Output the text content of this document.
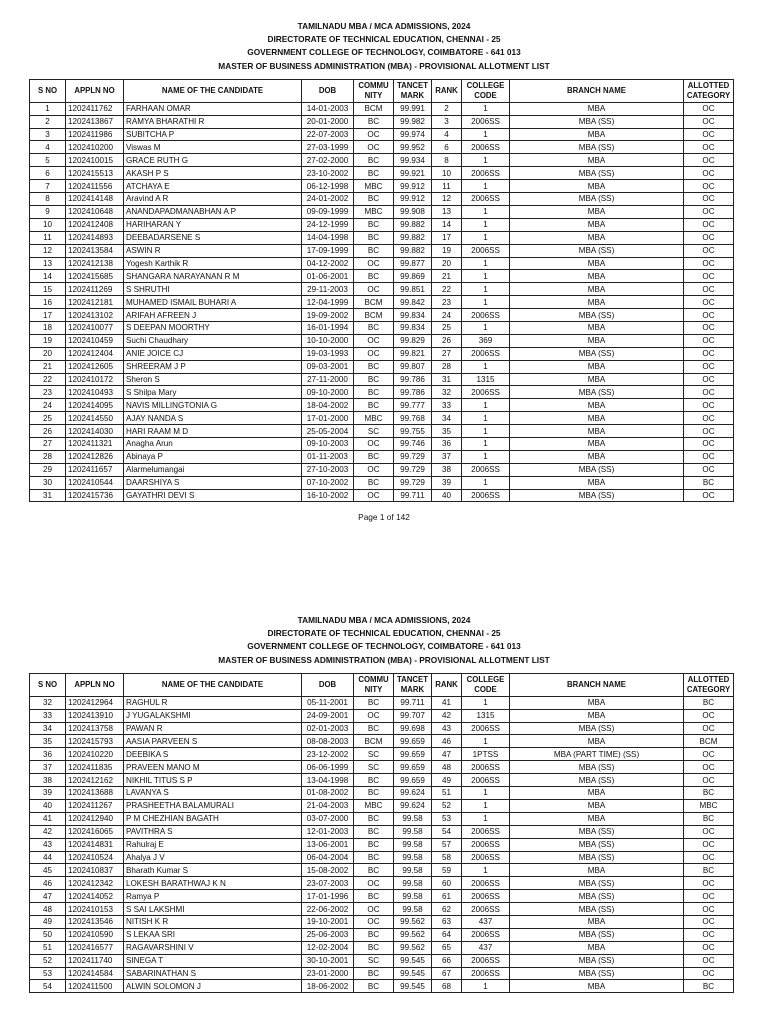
TAMILNADU MBA / MCA ADMISSIONS, 2024
DIRECTORATE OF TECHNICAL EDUCATION, CHENNAI - 25
GOVERNMENT COLLEGE OF TECHNOLOGY, COIMBATORE - 641 013
MASTER OF BUSINESS ADMINISTRATION (MBA) - PROVISIONAL ALLOTMENT LIST
S NO	APPLN NO	NAME OF THE CANDIDATE	DOB	COMMU
NITY	TANCET
MARK	RANK	COLLEGE
CODE	BRANCH NAME	ALLOTTED
CATEGORY
1	1202411762	FARHAAN OMAR	14-01-2003	BCM	99.991	2	1	MBA	OC
2	1202413867	RAMYA BHARATHI R	20-01-2000	BC	99.982	3	2006SS	MBA (SS)	OC
3	1202411986	SUBITCHA P	22-07-2003	OC	99.974	4	1	MBA	OC
4	1202410200	Viswas M	27-03-1999	OC	99.952	6	2006SS	MBA (SS)	OC
5	1202410015	GRACE RUTH G	27-02-2000	BC	99.934	8	1	MBA	OC
6	1202415513	AKASH P S	23-10-2002	BC	99.921	10	2006SS	MBA (SS)	OC
7	1202411556	ATCHAYA E	06-12-1998	MBC	99.912	11	1	MBA	OC
8	1202414148	Aravind A R	24-01-2002	BC	99.912	12	2006SS	MBA (SS)	OC
9	1202410648	ANANDAPADMANABHAN A P	09-09-1999	MBC	99.908	13	1	MBA	OC
10	1202412408	HARIHARAN Y	24-12-1999	BC	99.882	14	1	MBA	OC
11	1202414893	DEEBADARSENE S	14-04-1998	BC	99.882	17	1	MBA	OC
12	1202413584	ASWIN R	17-09-1999	BC	99.882	19	2006SS	MBA (SS)	OC
13	1202412138	Yogesh Karthik R	04-12-2002	OC	99.877	20	1	MBA	OC
14	1202415685	SHANGARA NARAYANAN R M	01-06-2001	BC	99.869	21	1	MBA	OC
15	1202411269	S SHRUTHI	29-11-2003	OC	99.851	22	1	MBA	OC
16	1202412181	MUHAMED ISMAIL BUHARI A	12-04-1999	BCM	99.842	23	1	MBA	OC
17	1202413102	ARIFAH AFREEN J	19-09-2002	BCM	99.834	24	2006SS	MBA (SS)	OC
18	1202410077	S DEEPAN MOORTHY	16-01-1994	BC	99.834	25	1	MBA	OC
19	1202410459	Suchi Chaudhary	10-10-2000	OC	99.829	26	369	MBA	OC
20	1202412404	ANIE JOICE CJ	19-03-1993	OC	99.821	27	2006SS	MBA (SS)	OC
21	1202412605	SHREERAM J P	09-03-2001	BC	99.807	28	1	MBA	OC
22	1202410172	Sheron S	27-11-2000	BC	99.786	31	1315	MBA	OC
23	1202410493	S Shilpa Mary	09-10-2000	BC	99.786	32	2006SS	MBA (SS)	OC
24	1202414095	NAVIS MILLINGTONIA G	18-04-2002	BC	99.777	33	1	MBA	OC
25	1202414550	AJAY NANDA S	17-01-2000	MBC	99.768	34	1	MBA	OC
26	1202414030	HARI RAAM M D	25-05-2004	SC	99.755	35	1	MBA	OC
27	1202411321	Anagha Arun	09-10-2003	OC	99.746	36	1	MBA	OC
28	1202412826	Abinaya P	01-11-2003	BC	99.729	37	1	MBA	OC
29	1202411657	Alarmelumangai	27-10-2003	OC	99.729	38	2006SS	MBA (SS)	OC
30	1202410544	DAARSHIYA S	07-10-2002	BC	99.729	39	1	MBA	BC
31	1202415736	GAYATHRI DEVI S	16-10-2002	OC	99.711	40	2006SS	MBA (SS)	OC
Page 1 of 142
TAMILNADU MBA / MCA ADMISSIONS, 2024
DIRECTORATE OF TECHNICAL EDUCATION, CHENNAI - 25
GOVERNMENT COLLEGE OF TECHNOLOGY, COIMBATORE - 641 013
MASTER OF BUSINESS ADMINISTRATION (MBA) - PROVISIONAL ALLOTMENT LIST
S NO	APPLN NO	NAME OF THE CANDIDATE	DOB	COMMU
NITY	TANCET
MARK	RANK	COLLEGE
CODE	BRANCH NAME	ALLOTTED
CATEGORY
32	1202412964	RAGHUL R	05-11-2001	BC	99.711	41	1	MBA	BC
33	1202413910	J YUGALAKSHMI	24-09-2001	OC	99.707	42	1315	MBA	OC
34	1202413758	PAWAN R	02-01-2003	BC	99.698	43	2006SS	MBA (SS)	OC
35	1202415793	AASIA PARVEEN S	08-08-2003	BCM	99.659	46	1	MBA	BCM
36	1202410220	DEEBIKA S	23-12-2002	SC	99.659	47	1PTSS	MBA (PART TIME) (SS)	OC
37	1202411835	PRAVEEN MANO M	06-06-1999	SC	99.659	48	2006SS	MBA (SS)	OC
38	1202412162	NIKHIL TITUS S P	13-04-1998	BC	99.659	49	2006SS	MBA (SS)	OC
39	1202413688	LAVANYA S	01-08-2002	BC	99.624	51	1	MBA	BC
40	1202411267	PRASHEETHA BALAMURALI	21-04-2003	MBC	99.624	52	1	MBA	MBC
41	1202412940	P M CHEZHIAN BAGATH	03-07-2000	BC	99.58	53	1	MBA	BC
42	1202416065	PAVITHRA S	12-01-2003	BC	99.58	54	2006SS	MBA (SS)	OC
43	1202414831	Rahulraj E	13-06-2001	BC	99.58	57	2006SS	MBA (SS)	OC
44	1202410524	Ahalya J V	06-04-2004	BC	99.58	58	2006SS	MBA (SS)	OC
45	1202410837	Bharath Kumar S	15-08-2002	BC	99.58	59	1	MBA	BC
46	1202412342	LOKESH BARATHWAJ K N	23-07-2003	OC	99.58	60	2006SS	MBA (SS)	OC
47	1202414052	Ramya P	17-01-1996	BC	99.58	61	2006SS	MBA (SS)	OC
48	1202410153	S SAI LAKSHMI	22-06-2002	OC	99.58	62	2006SS	MBA (SS)	OC
49	1202413546	NITISH K R	19-10-2001	OC	99.562	63	437	MBA	OC
50	1202410590	S LEKAA SRI	25-06-2003	BC	99.562	64	2006SS	MBA (SS)	OC
51	1202416577	RAGAVARSHINI V	12-02-2004	BC	99.562	65	437	MBA	OC
52	1202411740	SINEGA T	30-10-2001	SC	99.545	66	2006SS	MBA (SS)	OC
53	1202414584	SABARINATHAN S	23-01-2000	BC	99.545	67	2006SS	MBA (SS)	OC
54	1202411500	ALWIN SOLOMON J	18-06-2002	BC	99.545	68	1	MBA	BC
